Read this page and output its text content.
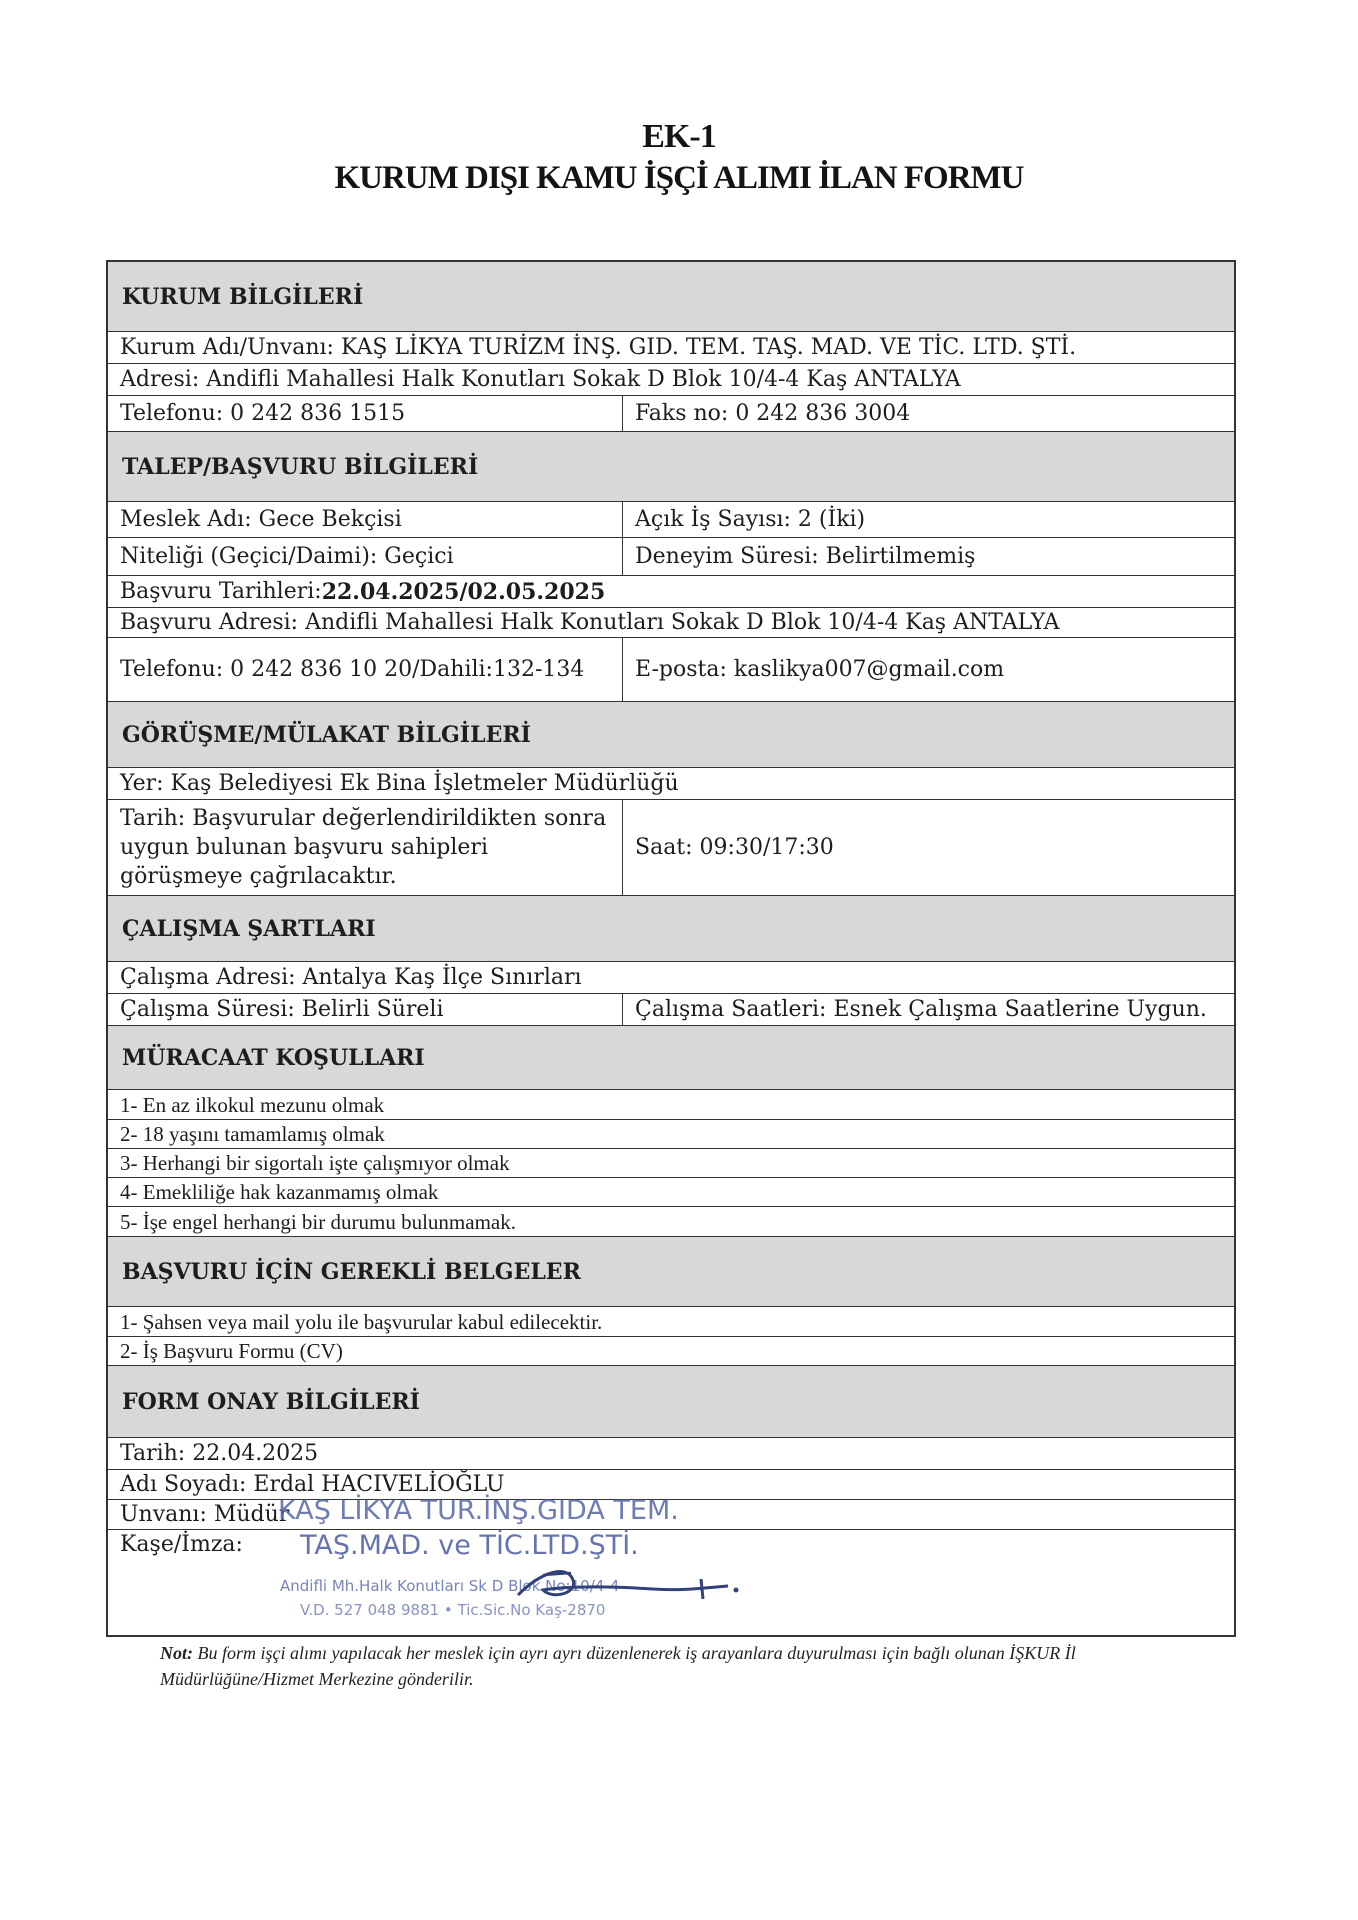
EK-1
KURUM DIŞI KAMU İŞÇİ ALIMI İLAN FORMU
KURUM BİLGİLERİ
Kurum Adı/Unvanı: KAŞ LİKYA TURİZM İNŞ. GID. TEM. TAŞ. MAD. VE TİC. LTD. ŞTİ.
Adresi: Andifli Mahallesi Halk Konutları Sokak D Blok 10/4-4 Kaş ANTALYA
Telefonu: 0 242 836 1515	Faks no: 0 242 836 3004
TALEP/BAŞVURU BİLGİLERİ
Meslek Adı: Gece Bekçisi	Açık İş Sayısı: 2 (İki)
Niteliği (Geçici/Daimi): Geçici	Deneyim Süresi: Belirtilmemiş
Başvuru Tarihleri: 22.04.2025/02.05.2025
Başvuru Adresi: Andifli Mahallesi Halk Konutları Sokak D Blok 10/4-4 Kaş ANTALYA
Telefonu: 0 242 836 10 20/Dahili:132-134	E-posta: kaslikya007@gmail.com
GÖRÜŞME/MÜLAKAT BİLGİLERİ
Yer: Kaş Belediyesi Ek Bina İşletmeler Müdürlüğü
Tarih: Başvurular değerlendirildikten sonra uygun bulunan başvuru sahipleri görüşmeye çağrılacaktır.
Saat: 09:30/17:30
ÇALIŞMA ŞARTLARI
Çalışma Adresi: Antalya Kaş İlçe Sınırları
Çalışma Süresi: Belirli Süreli	Çalışma Saatleri: Esnek Çalışma Saatlerine Uygun.
MÜRACAAT KOŞULLARI
1- En az ilkokul mezunu olmak
2- 18 yaşını tamamlamış olmak
3- Herhangi bir sigortalı işte çalışmıyor olmak
4- Emekliliğe hak kazanmamış olmak
5- İşe engel herhangi bir durumu bulunmamak.
BAŞVURU İÇİN GEREKLİ BELGELER
1- Şahsen veya mail yolu ile başvurular kabul edilecektir.
2- İş Başvuru Formu (CV)
FORM ONAY BİLGİLERİ
Tarih: 22.04.2025
Adı Soyadı: Erdal HACIVELİOĞLU
Unvanı: Müdür
Kaşe/İmza:
KAŞ LİKYA TUR.İNŞ.GIDA TEM.
TAŞ.MAD. ve TİC.LTD.ŞTİ.
Andifli Mh.Halk Konutları Sk D Blok No:10/4-4
V.D. 527 048 9881 • Tic.Sic.No Kaş-2870
Not: Bu form işçi alımı yapılacak her meslek için ayrı ayrı düzenlenerek iş arayanlara duyurulması için bağlı olunan İŞKUR İl Müdürlüğüne/Hizmet Merkezine gönderilir.
